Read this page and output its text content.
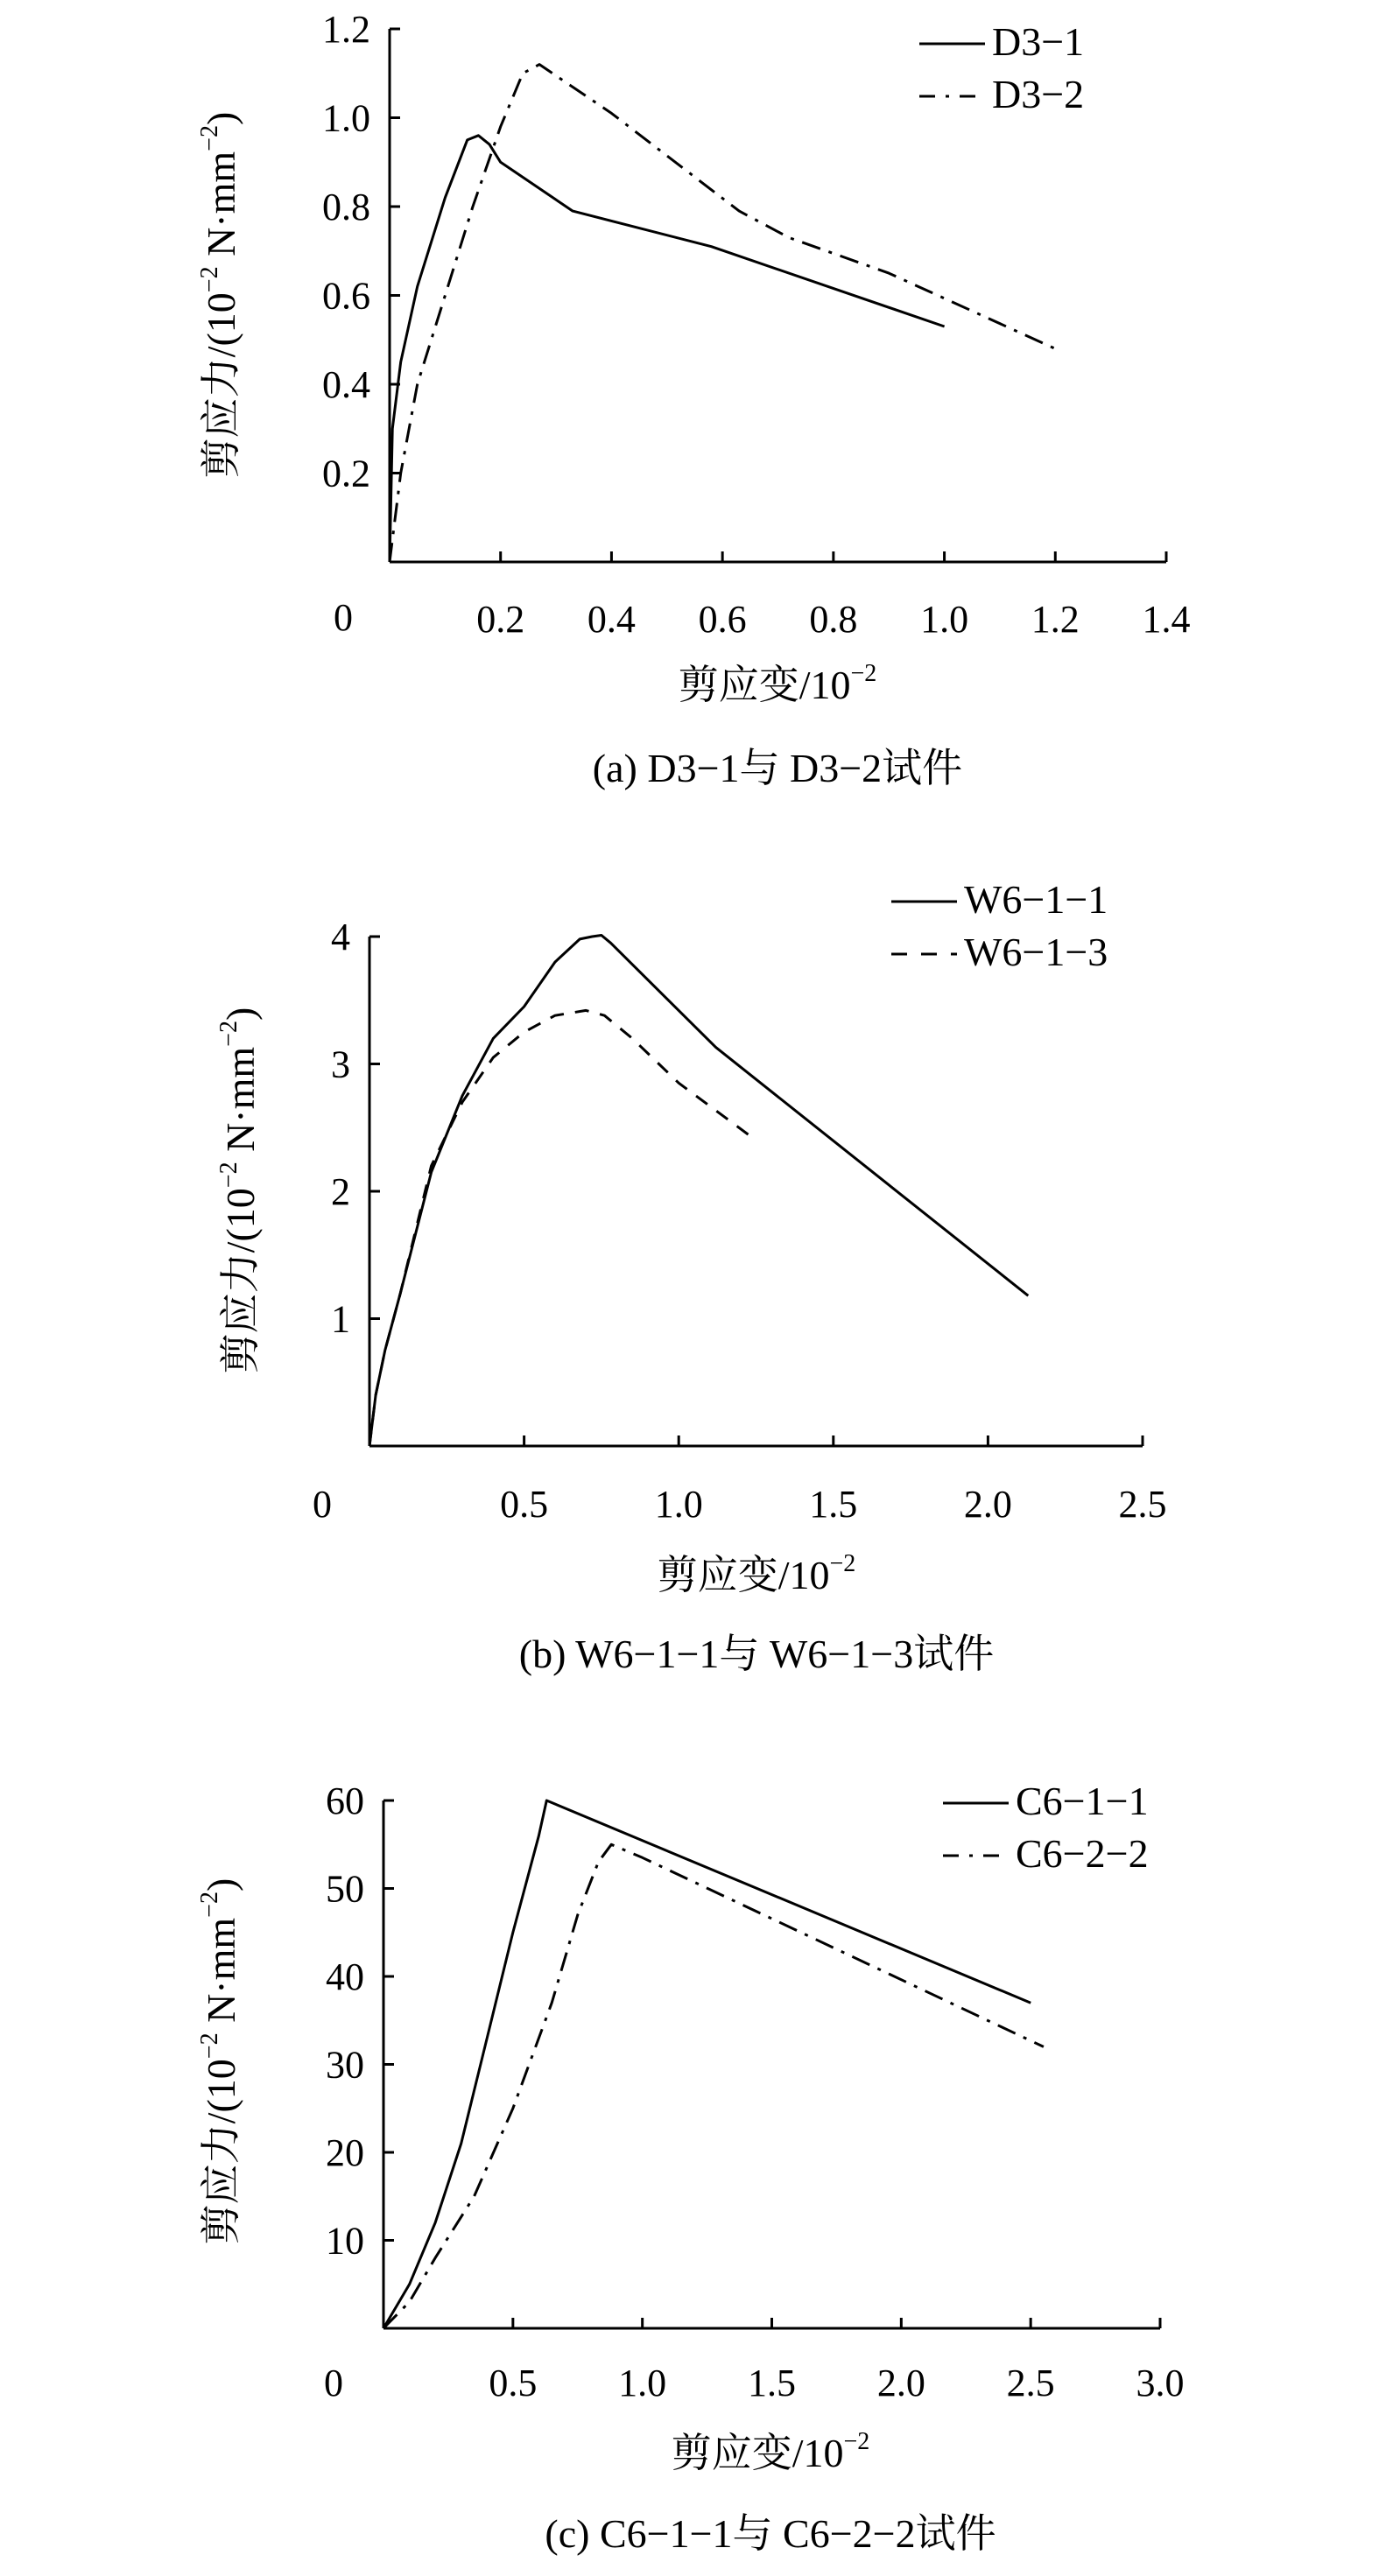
0.2 0.4 0.6 0.8 1.0 1.2 1.4
0.2
0.4
0.6
0.8
1.0
1.2
0
剪应变$/10^{-2}$
剪应力$/(10^{-2}$ $N\cdot mm^{-2}$)
D3−1
D3−2
(a) D3−1与 D3−2试件
0.5	1.0	1.5	2.0	2.5
1
2
3
4
0
剪应变$/10^{-2}$
剪应力$/(10^{-2}$ $N\cdot mm^{-2}$)
W6−1−1
W6−1−3
(b) W6−1−1与 W6−1−3试件
0.5 1.0 1.5 2.0 2.5 3.0
10
20
30
40
50
60
0
剪应变$/10^{-2}$
剪应力$/(10^{-2}$ $N\cdot mm^{-2}$)
C6−1−1
C6−2−2
(c) C6−1−1与 C6−2−2试件
